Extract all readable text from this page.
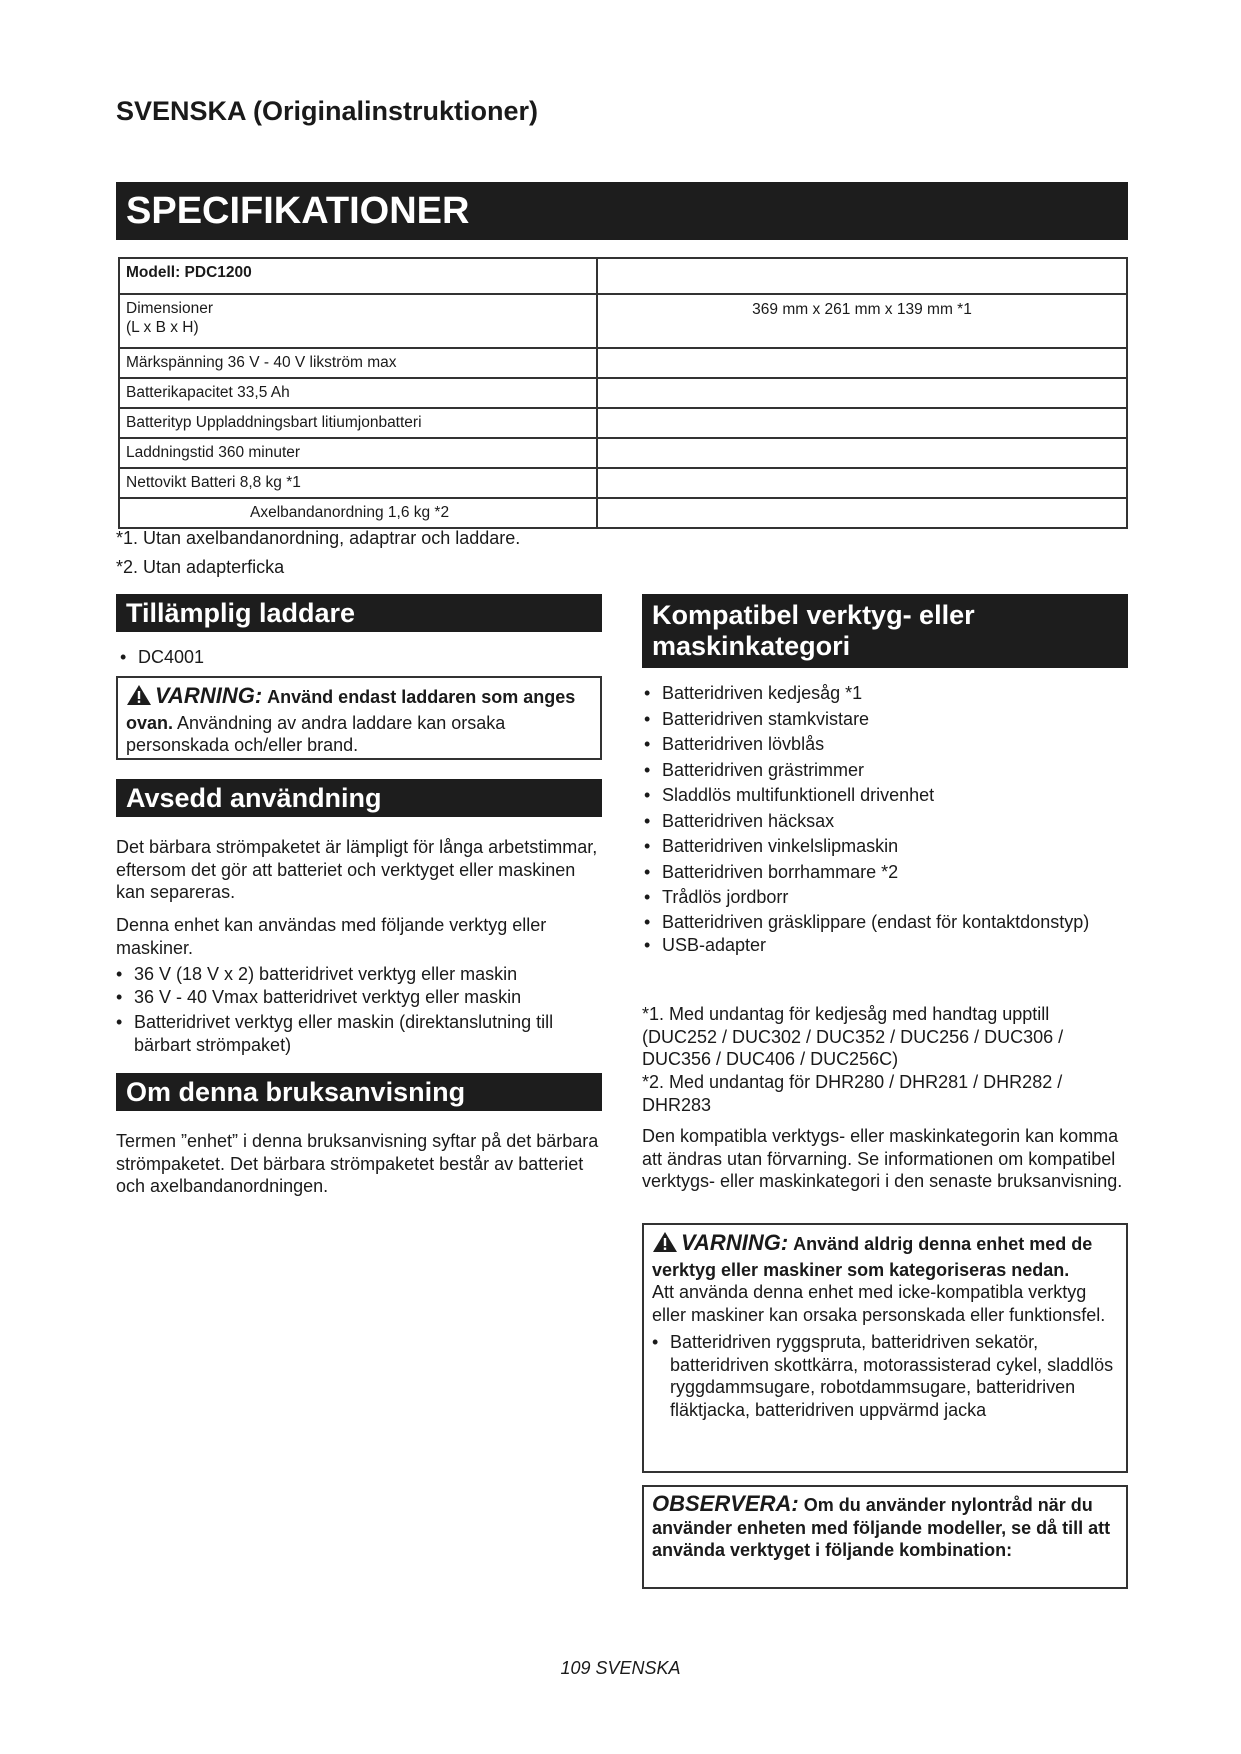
SVENSKA (Originalinstruktioner)
SPECIFIKATIONER
Modell: PDC1200	
Dimensioner
(L x B x H)	369 mm x 261 mm x 139 mm *1
Märkspänning 36 V - 40 V likström max	
Batterikapacitet 33,5 Ah	
Batterityp Uppladdningsbart litiumjonbatteri	
Laddningstid 360 minuter	
Nettovikt Batteri 8,8 kg *1	
Axelbandanordning 1,6 kg *2	
*1. Utan axelbandanordning, adaptrar och laddare.
*2. Utan adapterficka
Tillämplig laddare
• DC4001
VARNING: Använd endast laddaren som anges ovan. Användning av andra laddare kan orsaka personskada och/eller brand.
Avsedd användning
Det bärbara strömpaketet är lämpligt för långa arbetstimmar, eftersom det gör att batteriet och verktyget eller maskinen kan separeras.
Denna enhet kan användas med följande verktyg eller maskiner.
• 36 V (18 V x 2) batteridrivet verktyg eller maskin
• 36 V - 40 Vmax batteridrivet verktyg eller maskin
• Batteridrivet verktyg eller maskin (direktanslutning till bärbart strömpaket)
Om denna bruksanvisning
Termen ”enhet” i denna bruksanvisning syftar på det bärbara strömpaketet. Det bärbara strömpaketet består av batteriet och axelbandanordningen.
Kompatibel verktyg- eller maskinkategori
• Batteridriven kedjesåg *1
• Batteridriven stamkvistare
• Batteridriven lövblås
• Batteridriven grästrimmer
• Sladdlös multifunktionell drivenhet
• Batteridriven häcksax
• Batteridriven vinkelslipmaskin
• Batteridriven borrhammare *2
• Trådlös jordborr
• Batteridriven gräsklippare (endast för kontaktdonstyp)
• USB-adapter
*1. Med undantag för kedjesåg med handtag upptill (DUC252 / DUC302 / DUC352 / DUC256 / DUC306 / DUC356 / DUC406 / DUC256C)
*2. Med undantag för DHR280 / DHR281 / DHR282 / DHR283
Den kompatibla verktygs- eller maskinkategorin kan komma att ändras utan förvarning. Se informationen om kompatibel verktygs- eller maskinkategori i den senaste bruksanvisning.
VARNING: Använd aldrig denna enhet med de verktyg eller maskiner som kategoriseras nedan.
Att använda denna enhet med icke-kompatibla verktyg eller maskiner kan orsaka personskada eller funktionsfel.
• Batteridriven ryggspruta, batteridriven sekatör, batteridriven skottkärra, motorassisterad cykel, sladdlös ryggdammsugare, robotdammsugare, batteridriven fläktjacka, batteridriven uppvärmd jacka
OBSERVERA: Om du använder nylontråd när du använder enheten med följande modeller, se då till att använda verktyget i följande kombination:
109 SVENSKA
